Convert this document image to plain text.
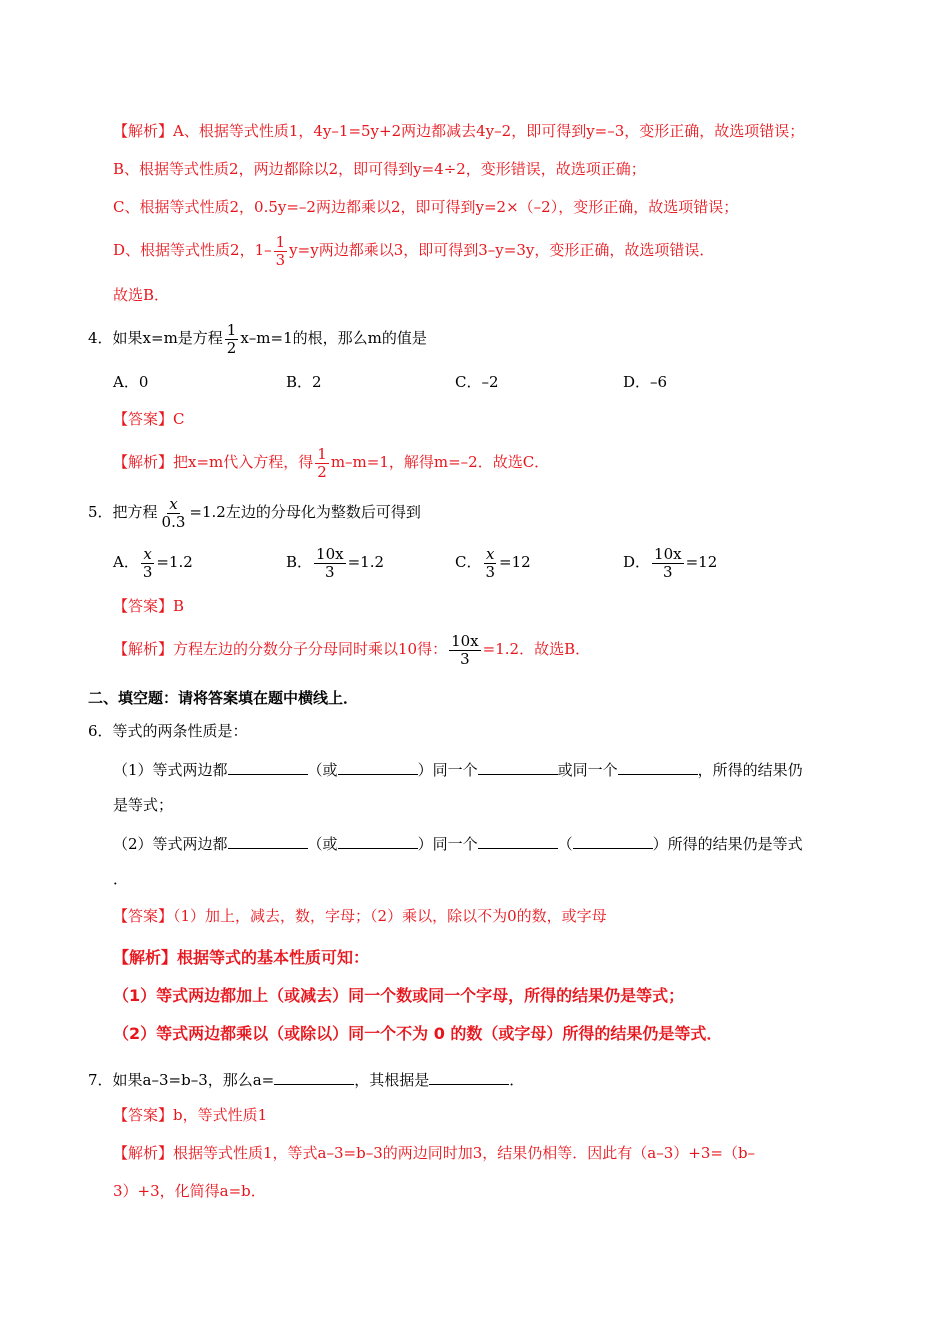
【解析】A、根据等式性质1，4y–1=5y+2两边都减去4y–2，即可得到y=–3，变形正确，故选项错误；
B、根据等式性质2，两边都除以2，即可得到y=4÷2，变形错误，故选项正确；
C、根据等式性质2，0.5y=–2两边都乘以2，即可得到y=2×（–2），变形正确，故选项错误；
D、根据等式性质2，$1- \frac{1}{3} y=y$两边都乘以3，即可得到3–y=3y，变形正确，故选项错误．
故选B．
4．如果x=m是方程 $\frac{1}{2} x-m=1$的根，那么m的值是
A．0	B．2	C．–2	D．–6
【答案】C
【解析】把x=m代入方程，得 $\frac{1}{2} m-m=1$，解得m=–2．故选C．
5．把方程 $\frac{x}{0.3} =1.2$左边的分母化为整数后可得到
A． $\frac{x}{3} =1.2$	B． $\frac{10x}{3} =1.2$	C． $\frac{x}{3} =12$	D． $\frac{10x}{3} =12$
【答案】B
【解析】方程左边的分数分子分母同时乘以10得： $\frac{10x}{3} =1.2$．故选B．
二、填空题：请将答案填在题中横线上．
6．等式的两条性质是：
（1）等式两边都	（或	）同一个	或同一个	，所得的结果仍
是等式；
（2）等式两边都	（或	）同一个	（	）所得的结果仍是等式
．
【答案】（1）加上，减去，数，字母；（2）乘以，除以不为0的数，或字母
【解析】根据等式的基本性质可知：
（1）等式两边都加上（或减去）同一个数或同一个字母，所得的结果仍是等式；
（2）等式两边都乘以（或除以）同一个不为 0 的数（或字母）所得的结果仍是等式．
7．如果a–3=b–3，那么a=	，其根据是	．
【答案】b，等式性质1
【解析】根据等式性质1，等式a–3=b–3的两边同时加3，结果仍相等．因此有（a–3）+3=（b–
3）+3，化简得a=b．
